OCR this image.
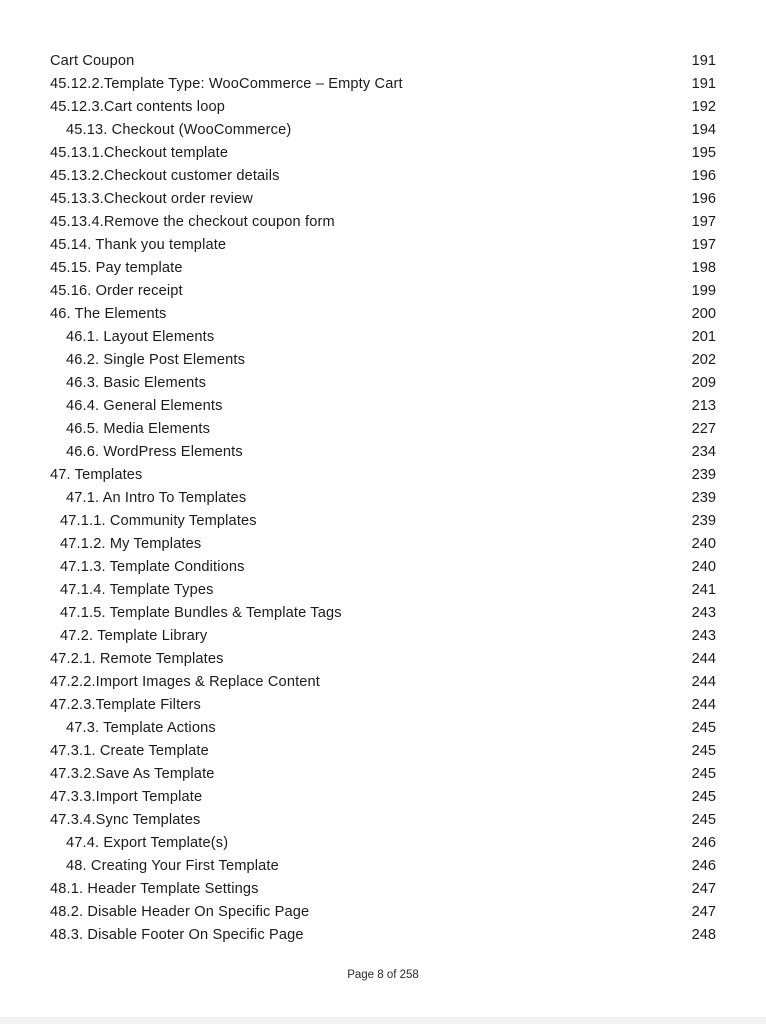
Cart Coupon	191
45.12.2.Template Type: WooCommerce – Empty Cart	191
45.12.3.Cart contents loop	192
45.13. Checkout (WooCommerce)	194
45.13.1.Checkout template	195
45.13.2.Checkout customer details	196
45.13.3.Checkout order review	196
45.13.4.Remove the checkout coupon form	197
45.14. Thank you template	197
45.15. Pay template	198
45.16. Order receipt	199
46. The Elements	200
46.1. Layout Elements	201
46.2. Single Post Elements	202
46.3. Basic Elements	209
46.4. General Elements	213
46.5. Media Elements	227
46.6. WordPress Elements	234
47. Templates	239
47.1. An Intro To Templates	239
47.1.1. Community Templates	239
47.1.2. My Templates	240
47.1.3. Template Conditions	240
47.1.4. Template Types	241
47.1.5. Template Bundles & Template Tags	243
47.2. Template Library	243
47.2.1. Remote Templates	244
47.2.2.Import Images & Replace Content	244
47.2.3.Template Filters	244
47.3. Template Actions	245
47.3.1. Create Template	245
47.3.2.Save As Template	245
47.3.3.Import Template	245
47.3.4.Sync Templates	245
47.4. Export Template(s)	246
48. Creating Your First Template	246
48.1. Header Template Settings	247
48.2. Disable Header On Specific Page	247
48.3. Disable Footer On Specific Page	248
Page 8 of 258
